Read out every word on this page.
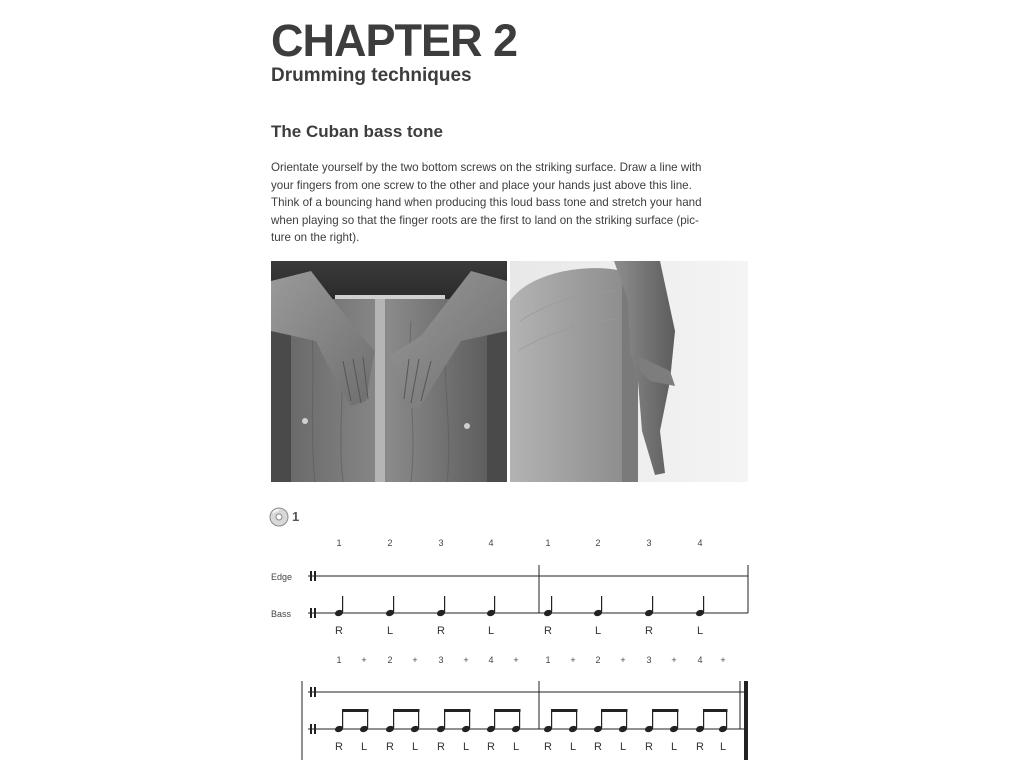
CHAPTER 2
Drumming techniques
The Cuban bass tone
Orientate yourself by the two bottom screws on the striking surface. Draw a line with
your fingers from one screw to the other and place your hands just above this line.
Think of a bouncing hand when producing this loud bass tone and stretch your hand
when playing so that the finger roots are the first to land on the striking surface (pic-
ture on the right).
1
1	2	3	4	1	2	3	4
Edge
Bass
R	L	R	L	R	L	R	L
1 + 2 + 3 + 4 +	1 + 2 + 3 + 4 +
R L R L R L R L R L R L R L R L
